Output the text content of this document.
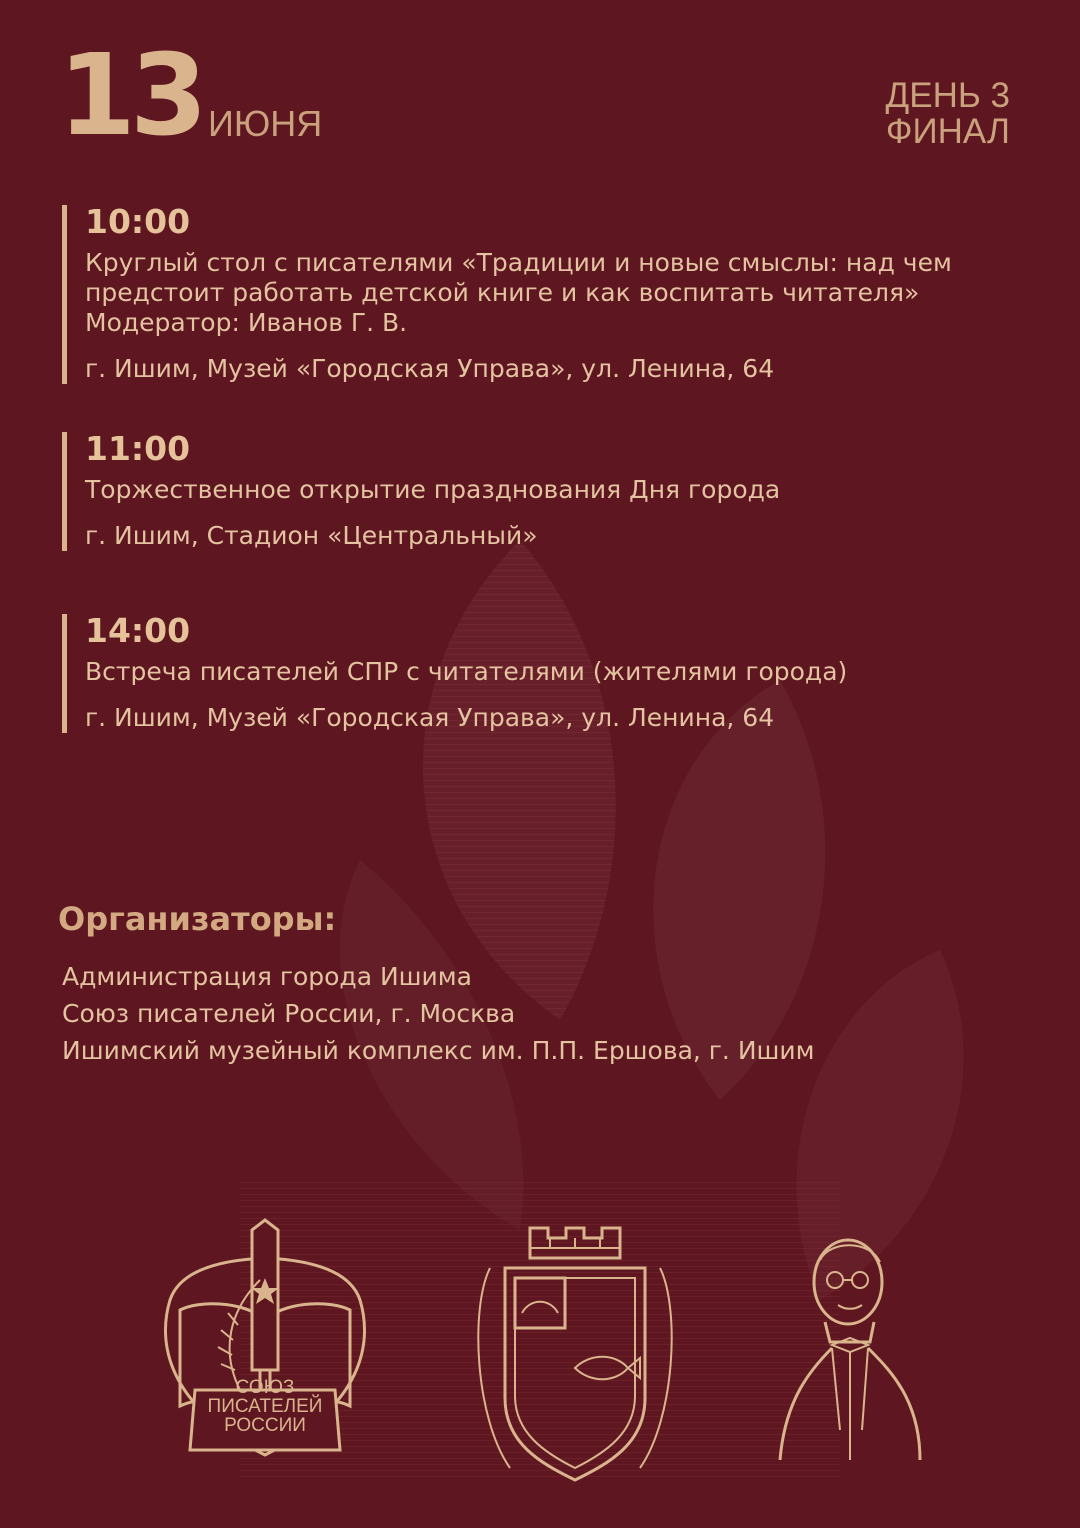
13 ИЮНЯ
ДЕНЬ 3
ФИНАЛ
10:00
Круглый стол с писателями «Традиции и новые смыслы: над чем предстоит работать детской книге и как воспитать читателя» Модератор: Иванов Г. В.
г. Ишим, Музей «Городская Управа», ул. Ленина, 64
11:00
Торжественное открытие празднования Дня города
г. Ишим, Стадион «Центральный»
14:00
Встреча писателей СПР с читателями (жителями города)
г. Ишим, Музей «Городская Управа», ул. Ленина, 64
Организаторы:
Администрация города Ишима
Союз писателей России, г. Москва
Ишимский музейный комплекс им. П.П. Ершова, г. Ишим
СОЮЗ
ПИСАТЕЛЕЙ
РОССИИ
